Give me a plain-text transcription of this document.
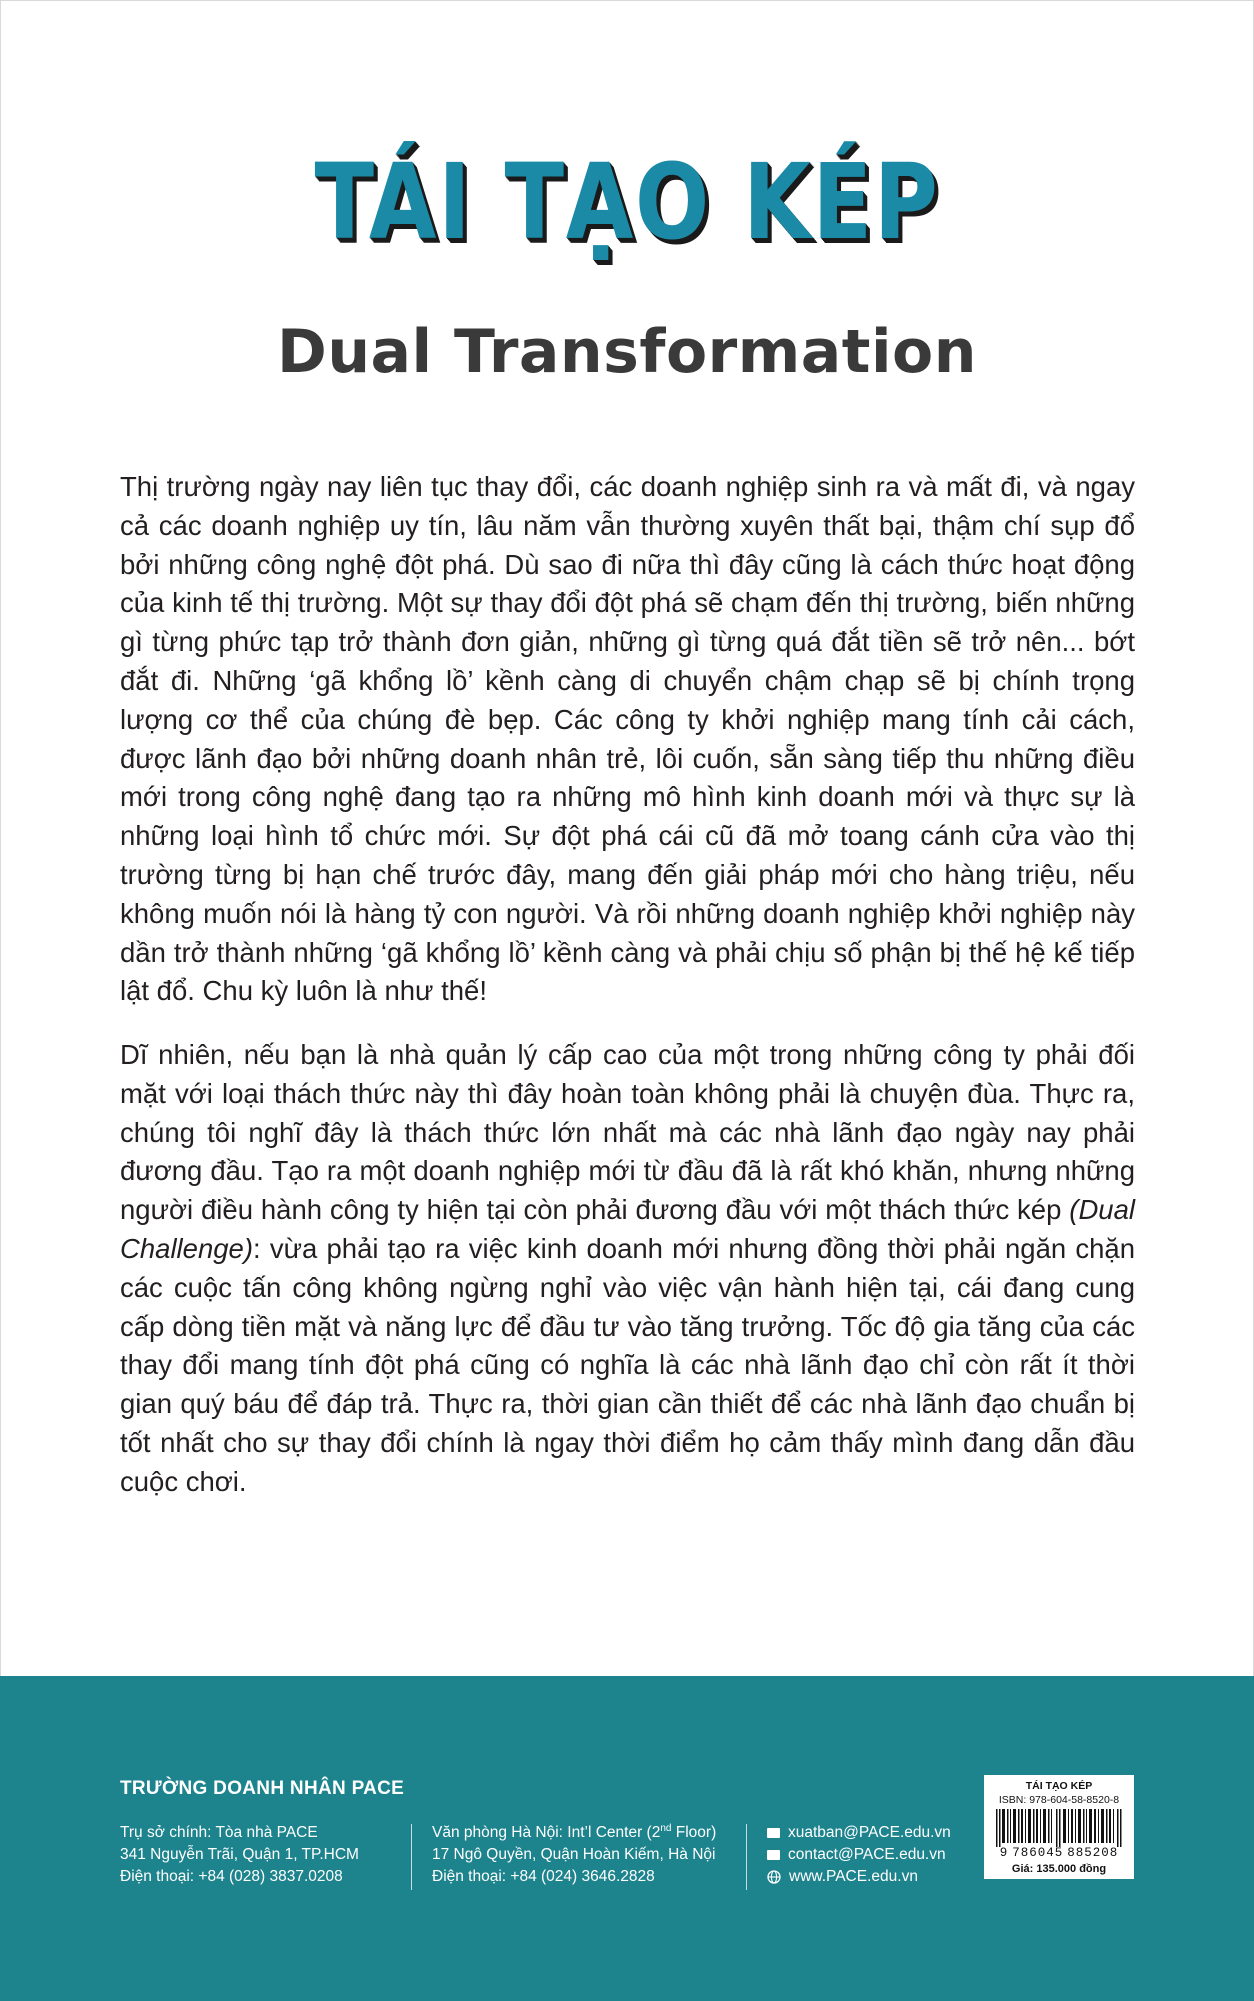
TÁI TẠO KÉP
Dual Transformation

Thị trường ngày nay liên tục thay đổi, các doanh nghiệp sinh ra và mất đi, và ngay cả các doanh nghiệp uy tín, lâu năm vẫn thường xuyên thất bại, thậm chí sụp đổ bởi những công nghệ đột phá. Dù sao đi nữa thì đây cũng là cách thức hoạt động của kinh tế thị trường. Một sự thay đổi đột phá sẽ chạm đến thị trường, biến những gì từng phức tạp trở thành đơn giản, những gì từng quá đắt tiền sẽ trở nên... bớt đắt đi. Những ‘gã khổng lồ’ kềnh càng di chuyển chậm chạp sẽ bị chính trọng lượng cơ thể của chúng đè bẹp. Các công ty khởi nghiệp mang tính cải cách, được lãnh đạo bởi những doanh nhân trẻ, lôi cuốn, sẵn sàng tiếp thu những điều mới trong công nghệ đang tạo ra những mô hình kinh doanh mới và thực sự là những loại hình tổ chức mới. Sự đột phá cái cũ đã mở toang cánh cửa vào thị trường từng bị hạn chế trước đây, mang đến giải pháp mới cho hàng triệu, nếu không muốn nói là hàng tỷ con người. Và rồi những doanh nghiệp khởi nghiệp này dần trở thành những ‘gã khổng lồ’ kềnh càng và phải chịu số phận bị thế hệ kế tiếp lật đổ. Chu kỳ luôn là như thế!

Dĩ nhiên, nếu bạn là nhà quản lý cấp cao của một trong những công ty phải đối mặt với loại thách thức này thì đây hoàn toàn không phải là chuyện đùa. Thực ra, chúng tôi nghĩ đây là thách thức lớn nhất mà các nhà lãnh đạo ngày nay phải đương đầu. Tạo ra một doanh nghiệp mới từ đầu đã là rất khó khăn, nhưng những người điều hành công ty hiện tại còn phải đương đầu với một thách thức kép (Dual Challenge): vừa phải tạo ra việc kinh doanh mới nhưng đồng thời phải ngăn chặn các cuộc tấn công không ngừng nghỉ vào việc vận hành hiện tại, cái đang cung cấp dòng tiền mặt và năng lực để đầu tư vào tăng trưởng. Tốc độ gia tăng của các thay đổi mang tính đột phá cũng có nghĩa là các nhà lãnh đạo chỉ còn rất ít thời gian quý báu để đáp trả. Thực ra, thời gian cần thiết để các nhà lãnh đạo chuẩn bị tốt nhất cho sự thay đổi chính là ngay thời điểm họ cảm thấy mình đang dẫn đầu cuộc chơi.

TRƯỜNG DOANH NHÂN PACE

Trụ sở chính: Tòa nhà PACE
341 Nguyễn Trãi, Quận 1, TP.HCM
Điện thoại: +84 (028) 3837.0208
Văn phòng Hà Nội: Int’l Center (2nd Floor)
17 Ngô Quyền, Quận Hoàn Kiếm, Hà Nội
Điện thoại: +84 (024) 3646.2828
xuatban@PACE.edu.vn
contact@PACE.edu.vn
www.PACE.edu.vn
TÁI TẠO KÉP
ISBN: 978-604-58-8520-8
9 786045 885208
Giá: 135.000 đồng
